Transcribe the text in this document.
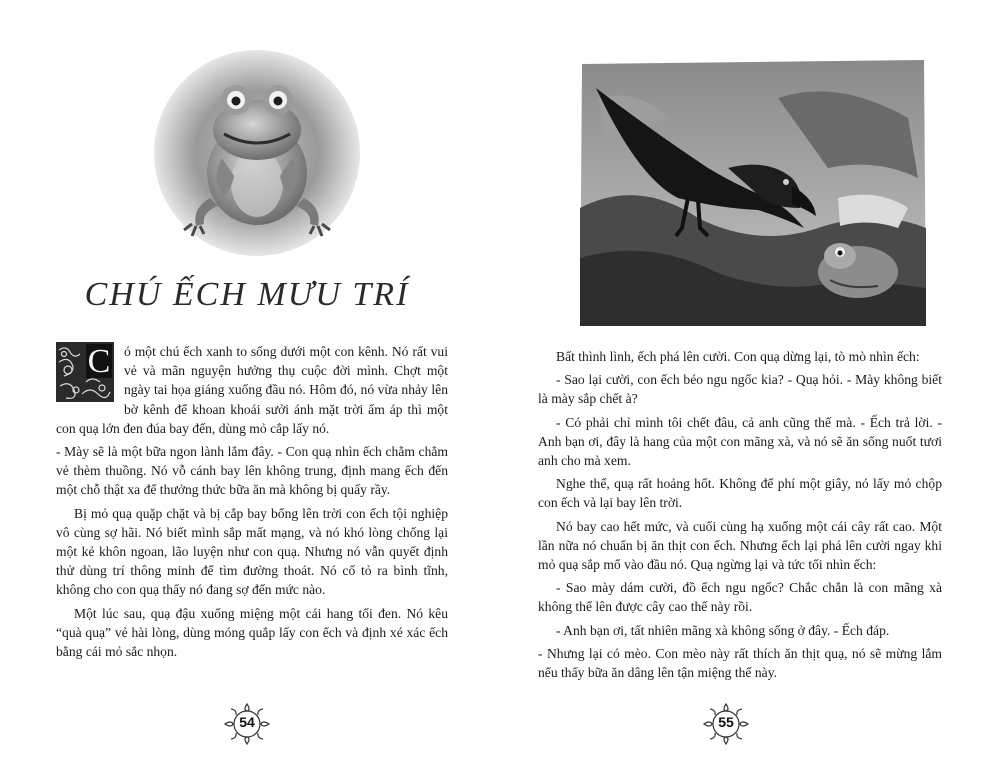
CHÚ ẾCH MƯU TRÍ
C	ó một chú ếch xanh to sống dưới một con kênh. Nó rất vui vẻ và mãn nguyện hưởng thụ cuộc đời mình. Chợt một ngày tai họa giáng xuống đầu nó. Hôm đó, nó vừa nhảy lên bờ kênh để khoan khoái sưởi ánh mặt trời ấm áp thì một con quạ lớn đen đúa bay đến, dùng mỏ cắp lấy nó.

- Mày sẽ là một bữa ngon lành lắm đây. - Con quạ nhìn ếch chằm chằm vẻ thèm thuồng. Nó vỗ cánh bay lên không trung, định mang ếch đến một chỗ thật xa để thưởng thức bữa ăn mà không bị quấy rầy.

Bị mỏ quạ quặp chặt và bị cắp bay bổng lên trời con ếch tội nghiệp vô cùng sợ hãi. Nó biết mình sắp mất mạng, và nó khó lòng chống lại một kẻ khôn ngoan, lão luyện như con quạ. Nhưng nó vẫn quyết định thử dùng trí thông minh để tìm đường thoát. Nó cố tỏ ra bình tĩnh, không cho con quạ thấy nó đang sợ đến mức nào.

Một lúc sau, quạ đậu xuống miệng một cái hang tối đen. Nó kêu “quà quạ” vẻ hài lòng, dùng móng quắp lấy con ếch và định xé xác ếch bằng cái mỏ sắc nhọn.

54

Bất thình lình, ếch phá lên cười. Con quạ dừng lại, tò mò nhìn ếch:

- Sao lại cười, con ếch béo ngu ngốc kia? - Quạ hỏi. - Mày không biết là mày sắp chết à?

- Có phải chỉ mình tôi chết đâu, cả anh cũng thế mà. - Ếch trả lời. - Anh bạn ơi, đây là hang của một con mãng xà, và nó sẽ ăn sống nuốt tươi anh cho mà xem.

Nghe thế, quạ rất hoảng hốt. Không để phí một giây, nó lấy mỏ chộp con ếch và lại bay lên trời.

Nó bay cao hết mức, và cuối cùng hạ xuống một cái cây rất cao. Một lần nữa nó chuẩn bị ăn thịt con ếch. Nhưng ếch lại phá lên cười ngay khi mỏ quạ sắp mổ vào đầu nó. Quạ ngừng lại và tức tối nhìn ếch:

- Sao mày dám cười, đồ ếch ngu ngốc? Chắc chắn là con mãng xà không thể lên được cây cao thế này rồi.

- Anh bạn ơi, tất nhiên mãng xà không sống ở đây. - Ếch đáp.

- Nhưng lại có mèo. Con mèo này rất thích ăn thịt quạ, nó sẽ mừng lắm nếu thấy bữa ăn dâng lên tận miệng thế này.

55
